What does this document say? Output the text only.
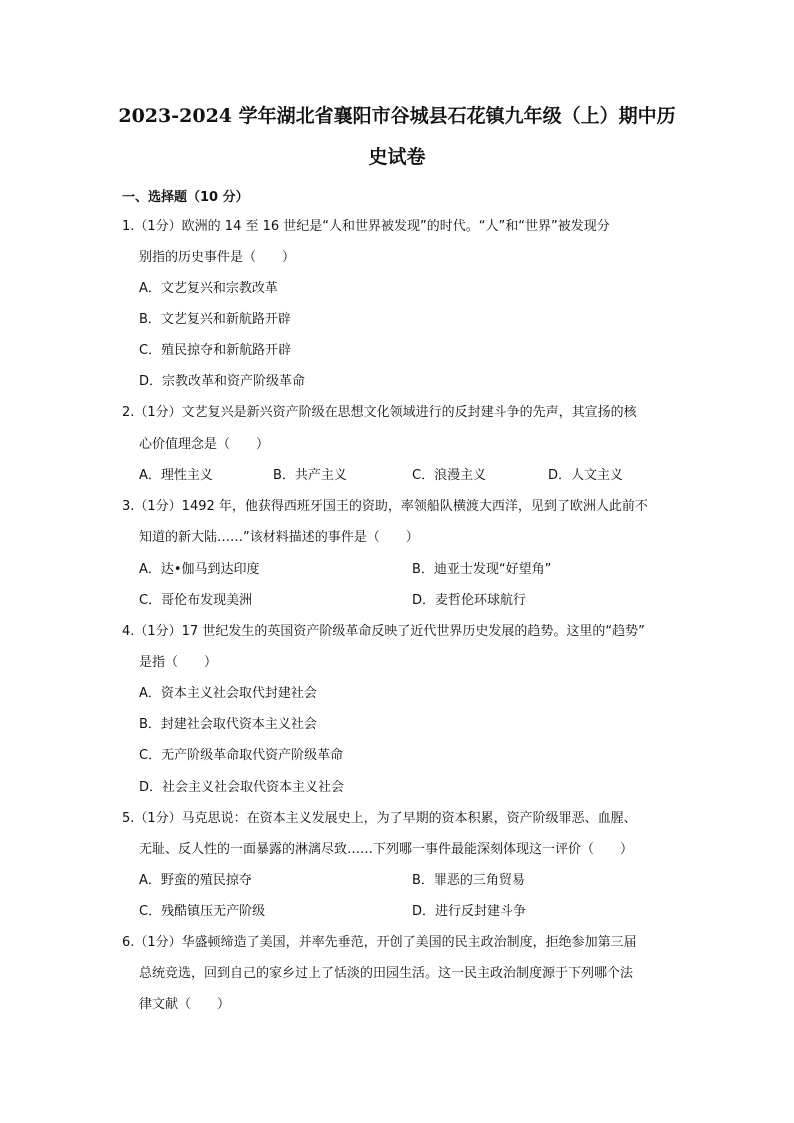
2023-2024 学年湖北省襄阳市谷城县石花镇九年级（上）期中历
史试卷
一、选择题（10 分）
1.（1分）欧洲的 14 至 16 世纪是“人和世界被发现”的时代。“人”和“世界”被发现分
别指的历史事件是（　　）
A．文艺复兴和宗教改革
B．文艺复兴和新航路开辟
C．殖民掠夺和新航路开辟
D．宗教改革和资产阶级革命
2.（1分）文艺复兴是新兴资产阶级在思想文化领域进行的反封建斗争的先声，其宣扬的核
心价值理念是（　　）
A．理性主义	B．共产主义	C．浪漫主义	D．人文主义
3.（1分）1492 年，他获得西班牙国王的资助，率领船队横渡大西洋，见到了欧洲人此前不
知道的新大陆……”该材料描述的事件是（　　）
A．达•伽马到达印度	B．迪亚士发现“好望角”
C．哥伦布发现美洲	D．麦哲伦环球航行
4.（1分）17 世纪发生的英国资产阶级革命反映了近代世界历史发展的趋势。这里的“趋势”
是指（　　）
A．资本主义社会取代封建社会
B．封建社会取代资本主义社会
C．无产阶级革命取代资产阶级革命
D．社会主义社会取代资本主义社会
5.（1分）马克思说：在资本主义发展史上，为了早期的资本积累，资产阶级罪恶、血腥、
无耻、反人性的一面暴露的淋漓尽致……下列哪一事件最能深刻体现这一评价（　　）
A．野蛮的殖民掠夺	B．罪恶的三角贸易
C．残酷镇压无产阶级	D．进行反封建斗争
6.（1分）华盛顿缔造了美国，并率先垂范，开创了美国的民主政治制度，拒绝参加第三届
总统竞选，回到自己的家乡过上了恬淡的田园生活。这一民主政治制度源于下列哪个法
律文献（　　）
